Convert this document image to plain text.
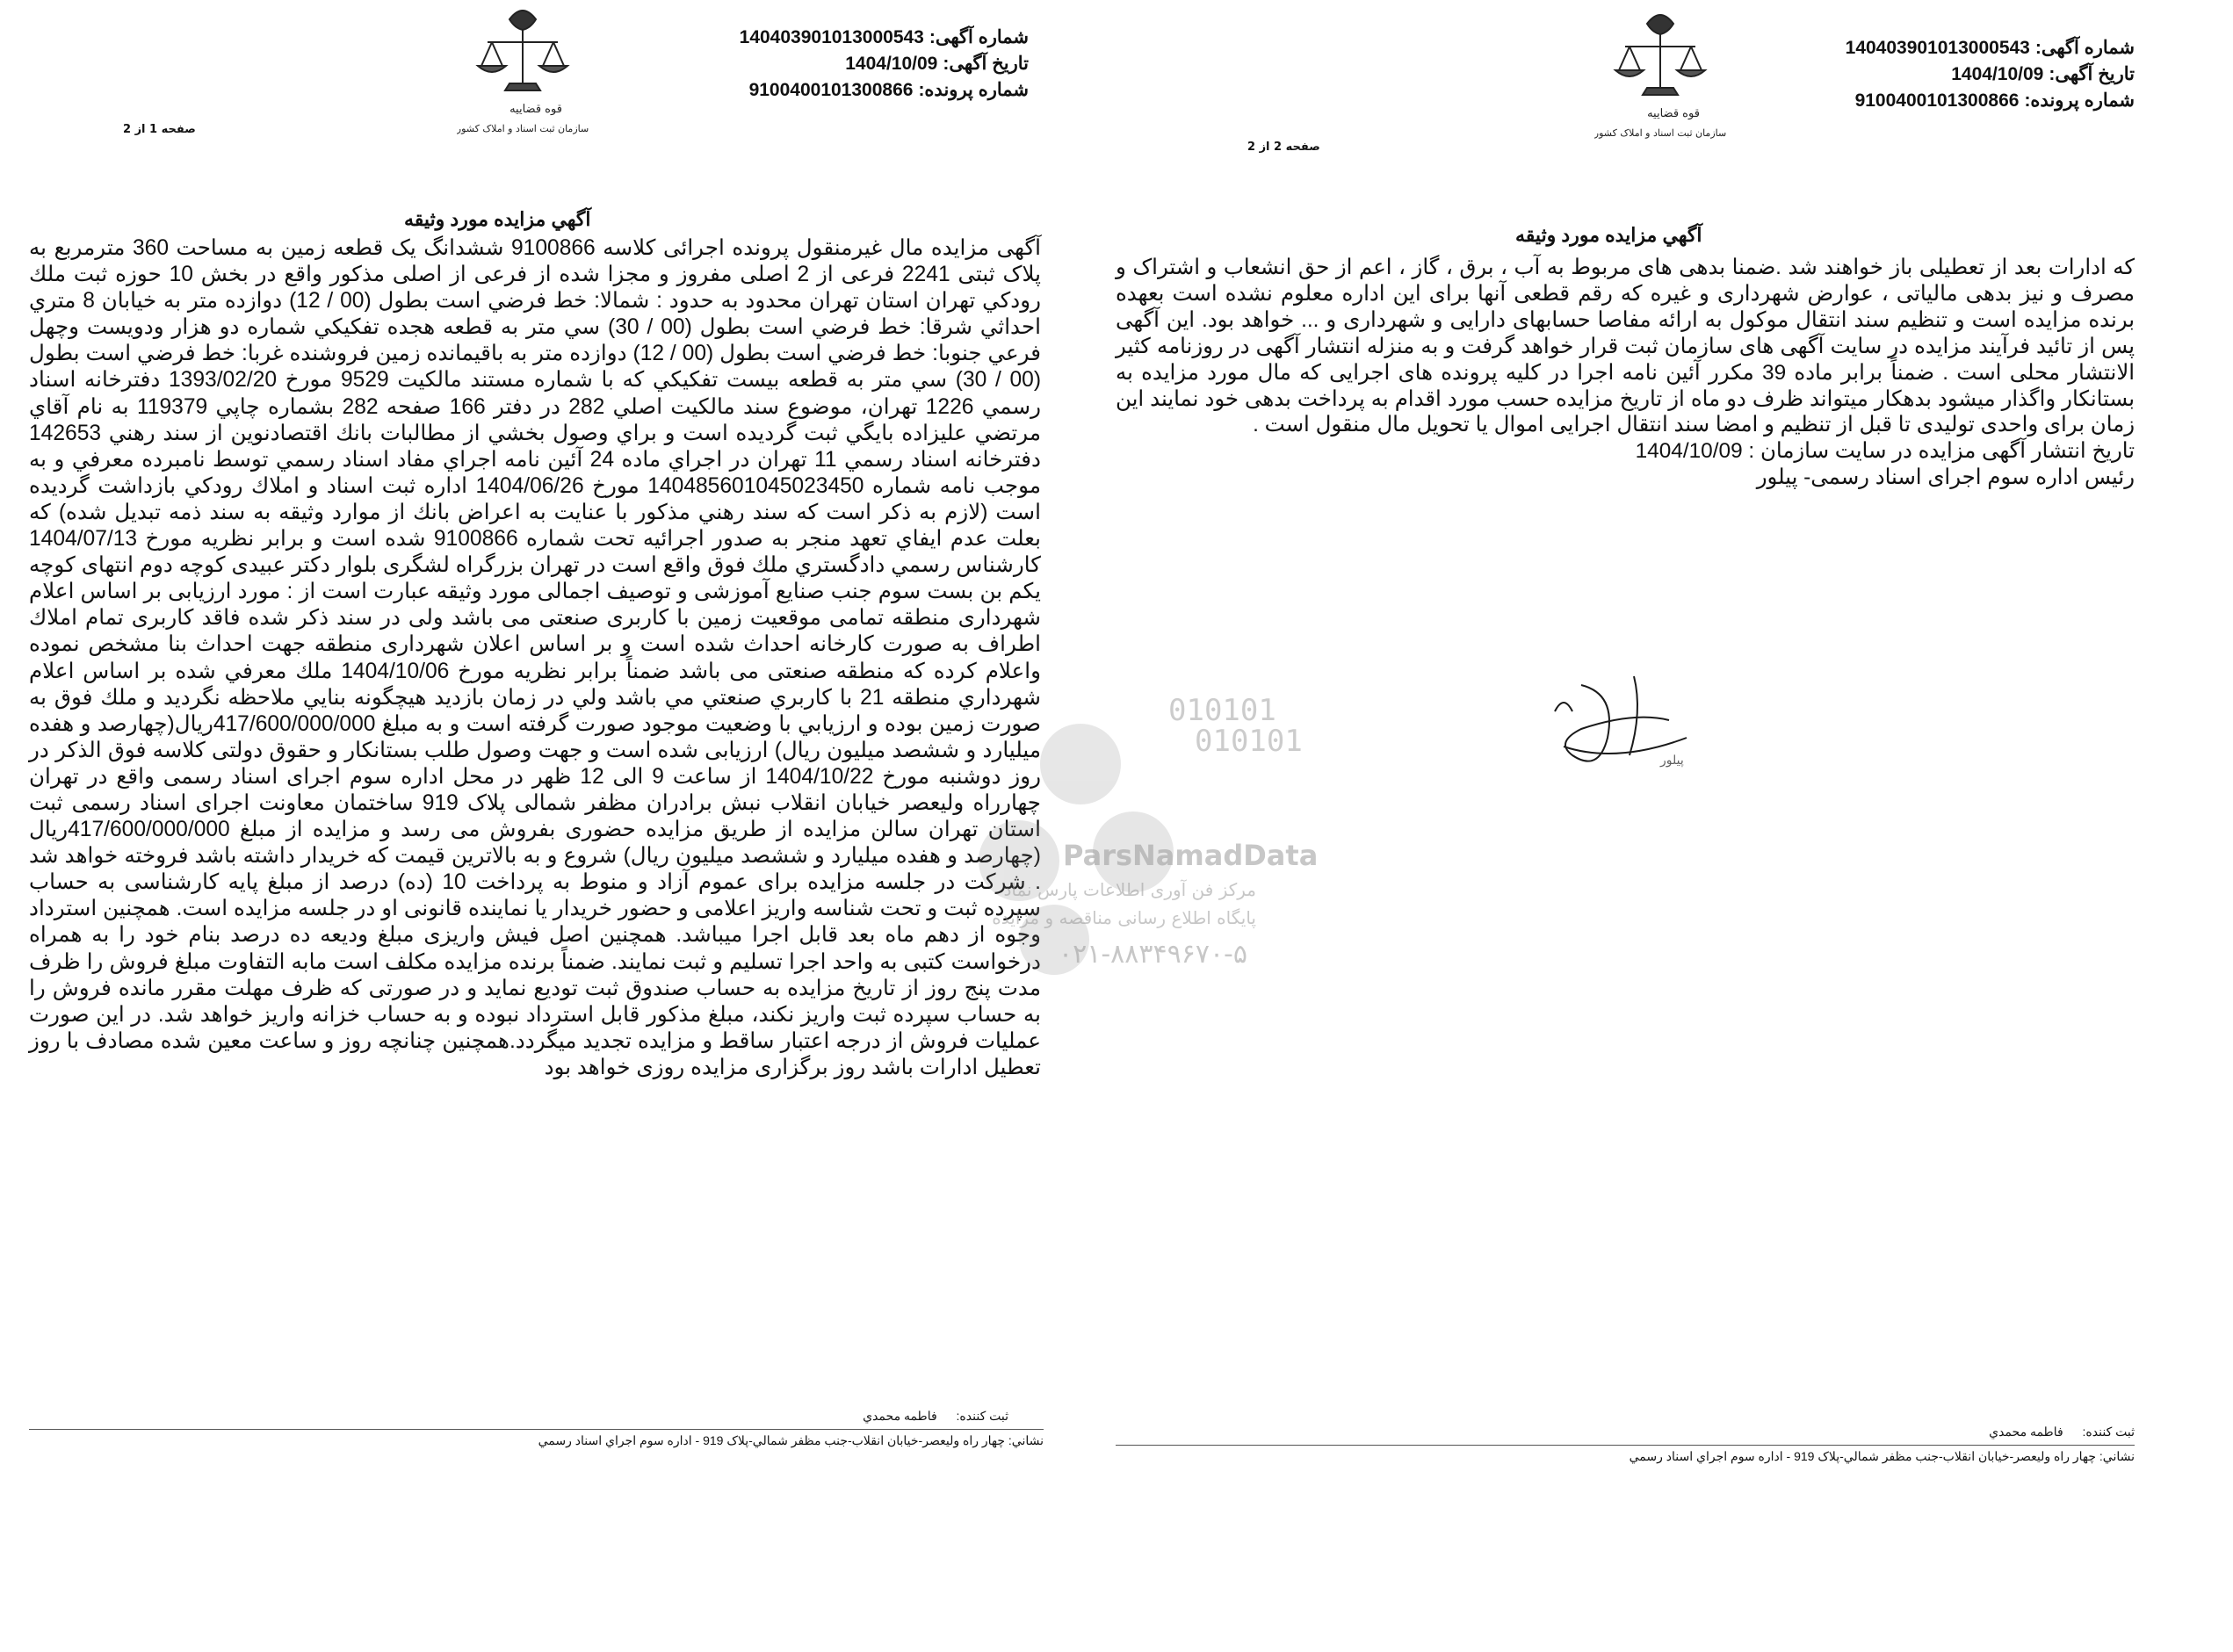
قوه قضاییه
سازمان ثبت اسناد و املاک کشور
شماره آگهی:140403901013000543
تاریخ آگهی:1404/10/09
شماره پرونده:9100400101300866
صفحه 1 از 2
آگهي مزايده مورد وثيقه

آگهی مزایده مال غیرمنقول پرونده اجرائی کلاسه 9100866 ششدانگ یک قطعه زمین به مساحت 360 مترمربع به پلاک ثبتی 2241 فرعی از 2 اصلی مفروز و مجزا شده از فرعی از اصلی مذکور واقع در بخش 10 حوزه ثبت ملك رودكي تهران استان تهران محدود به حدود : شمالا: خط فرضي است بطول (00 / 12) دوازده متر به خيابان 8 متري احداثي شرقا: خط فرضي است بطول (00 / 30) سي متر به قطعه هجده تفكيكي شماره دو هزار ودويست وچهل فرعي جنوبا: خط فرضي است بطول (00 / 12) دوازده متر به باقيمانده زمين فروشنده غربا: خط فرضي است بطول (00 / 30) سي متر به قطعه بيست تفكيكي كه با شماره مستند مالكيت 9529 مورخ 1393/02/20 دفترخانه اسناد رسمي 1226 تهران، موضوع سند مالكيت اصلي 282 در دفتر 166 صفحه 282 بشماره چاپي 119379 به نام آقاي مرتضي عليزاده بايگي ثبت گرديده است و براي وصول بخشي از مطالبات بانك اقتصادنوين از سند رهني 142653 دفترخانه اسناد رسمي 11 تهران در اجراي ماده 24 آئين نامه اجراي مفاد اسناد رسمي توسط نامبرده معرفي و به موجب نامه شماره 140485601045023450 مورخ 1404/06/26 اداره ثبت اسناد و املاك رودكي بازداشت گرديده است (لازم به ذكر است كه سند رهني مذكور با عنايت به اعراض بانك از موارد وثيقه به سند ذمه تبديل شده) كه بعلت عدم ايفاي تعهد منجر به صدور اجرائيه تحت شماره 9100866 شده است و برابر نظريه مورخ 1404/07/13 كارشناس رسمي دادگستري ملك فوق واقع است در تهران بزرگراه لشگری بلوار دكتر عبيدی كوچه دوم انتهای كوچه يكم بن بست سوم جنب صنايع آموزشی و توصيف اجمالی مورد وثيقه عبارت است از : مورد ارزيابی بر اساس اعلام شهرداری منطقه تمامی موقعيت زمين با كاربری صنعتی می باشد ولی در سند ذكر شده فاقد كاربری تمام املاك اطراف به صورت كارخانه احداث شده است و بر اساس اعلان شهرداری منطقه جهت احداث بنا مشخص نموده واعلام كرده كه منطقه صنعتی می باشد ضمناً برابر نظريه مورخ 1404/10/06 ملك معرفي شده بر اساس اعلام شهرداري منطقه 21 با كاربري صنعتي مي باشد ولي در زمان بازديد هيچگونه بنايي ملاحظه نگرديد و ملك فوق به صورت زمين بوده و ارزيابي با وضعيت موجود صورت گرفته است و به مبلغ 417/600/000/000ريال(چهارصد و هفده ميليارد و ششصد ميليون ريال) ارزيابی شده است و جهت وصول طلب بستانكار و حقوق دولتی كلاسه فوق الذكر در روز دوشنبه مورخ 1404/10/22 از ساعت 9 الی 12 ظهر در محل اداره سوم اجرای اسناد رسمی واقع در تهران چهارراه وليعصر خيابان انقلاب نبش برادران مظفر شمالی پلاک 919 ساختمان معاونت اجرای اسناد رسمی ثبت استان تهران سالن مزايده از طريق مزايده حضوری بفروش می رسد و مزايده از مبلغ 417/600/000/000ريال (چهارصد و هفده ميليارد و ششصد ميليون ريال) شروع و به بالاترين قيمت كه خريدار داشته باشد فروخته خواهد شد . شركت در جلسه مزايده برای عموم آزاد و منوط به پرداخت 10 (ده) درصد از مبلغ پايه كارشناسی به حساب سپرده ثبت و تحت شناسه واريز اعلامی و حضور خريدار يا نماينده قانونی او در جلسه مزايده است. همچنين استرداد وجوه از دهم ماه بعد قابل اجرا ميباشد. همچنين اصل فيش واريزی مبلغ وديعه ده درصد بنام خود را به همراه درخواست كتبی به واحد اجرا تسليم و ثبت نمايند. ضمناً برنده مزايده مكلف است مابه التفاوت مبلغ فروش را ظرف مدت پنج روز از تاريخ مزايده به حساب صندوق ثبت توديع نمايد و در صورتی كه ظرف مهلت مقرر مانده فروش را به حساب سپرده ثبت واريز نكند، مبلغ مذكور قابل استرداد نبوده و به حساب خزانه واريز خواهد شد. در اين صورت عمليات فروش از درجه اعتبار ساقط و مزايده تجديد ميگردد.همچنين چنانچه روز و ساعت معين شده مصادف با روز تعطيل ادارات باشد روز برگزاری مزايده روزی خواهد بود

ثبت كننده: فاطمه محمدي
نشاني: چهار راه وليعصر-خيابان انقلاب-جنب مظفر شمالي-پلاک 919 - اداره سوم اجراي اسناد رسمي
010101
010101
ParsNamadData
مرکز فن آوری اطلاعات پارس نماد
پایگاه اطلاع رسانی مناقصه و مزایده
۰۲۱-۸۸۳۴۹۶۷۰-۵
قوه قضاییه
سازمان ثبت اسناد و املاک کشور
شماره آگهی:140403901013000543
تاریخ آگهی:1404/10/09
شماره پرونده:9100400101300866
صفحه 2 از 2
آگهي مزايده مورد وثيقه

كه ادارات بعد از تعطيلی باز خواهند شد .ضمنا بدهی های مربوط به آب ، برق ، گاز ، اعم از حق انشعاب و اشتراک و مصرف و نيز بدهی مالياتی ، عوارض شهرداری و غيره كه رقم قطعی آنها برای اين اداره معلوم نشده است بعهده برنده مزايده است و تنظيم سند انتقال موكول به ارائه مفاصا حسابهای دارايی و شهرداری و ... خواهد بود. اين آگهی پس از تائيد فرآيند مزايده در سايت آگهی های سازمان ثبت قرار خواهد گرفت و به منزله انتشار آگهی در روزنامه كثير الانتشار محلی است . ضمناً برابر ماده 39 مكرر آئين نامه اجرا در كليه پرونده های اجرايی كه مال مورد مزايده به بستانكار واگذار ميشود بدهكار ميتواند ظرف دو ماه از تاريخ مزايده حسب مورد اقدام به پرداخت بدهی خود نمايند اين زمان برای واحدی توليدی تا قبل از تنظيم و امضا سند انتقال اجرايی اموال يا تحويل مال منقول است .

تاريخ انتشار آگهی مزايده در سايت سازمان : 1404/10/09

رئيس اداره سوم اجرای اسناد رسمی- پيلور

ثبت كننده: فاطمه محمدي
نشاني: چهار راه وليعصر-خيابان انقلاب-جنب مظفر شمالي-پلاک 919 - اداره سوم اجراي اسناد رسمي
پیلور
